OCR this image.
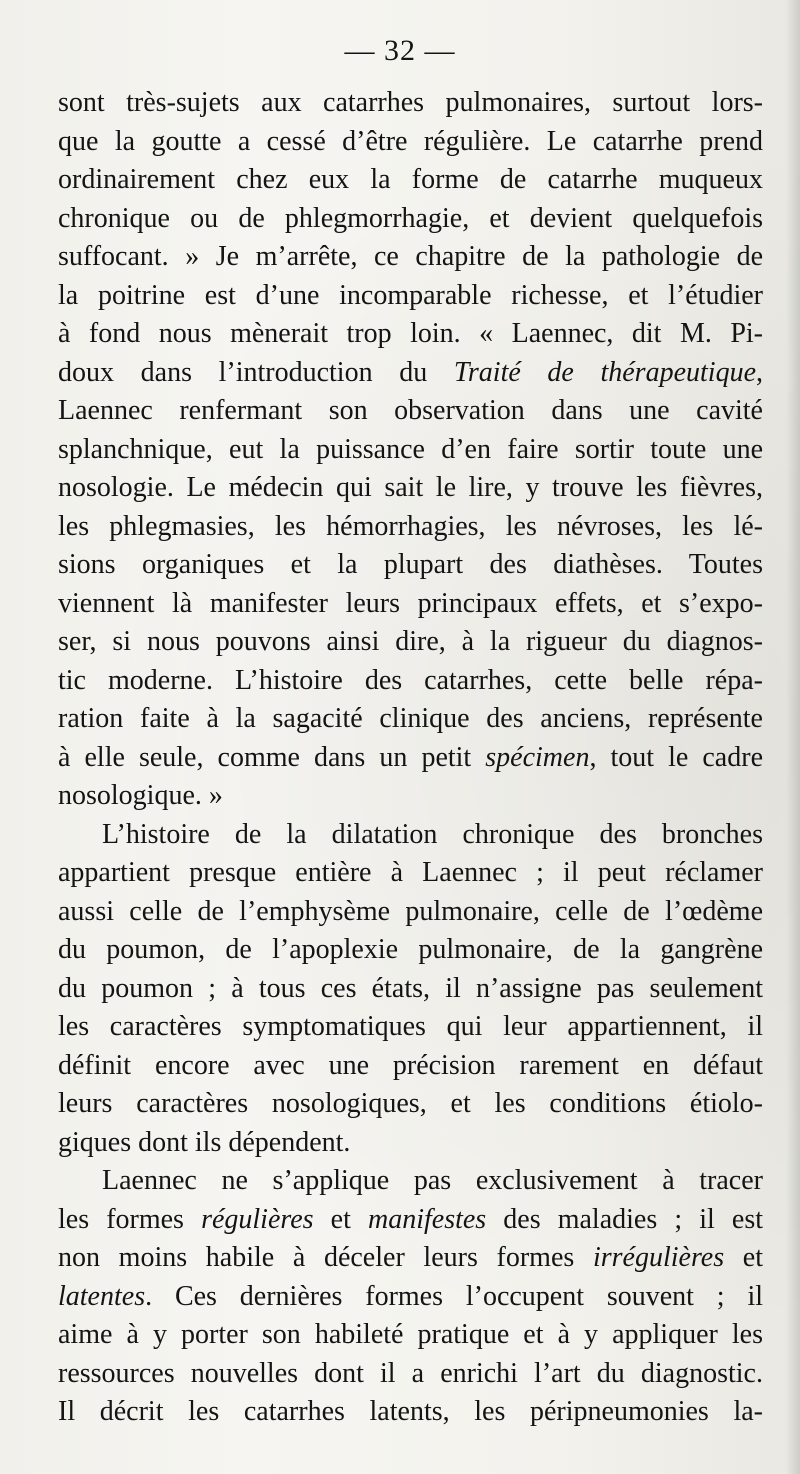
— 32 —
sont très-sujets aux catarrhes pulmonaires, surtout lors-
que la goutte a cessé d’être régulière. Le catarrhe prend
ordinairement chez eux la forme de catarrhe muqueux
chronique ou de phlegmorrhagie, et devient quelquefois
suffocant. » Je m’arrête, ce chapitre de la pathologie de
la poitrine est d’une incomparable richesse, et l’étudier
à fond nous mènerait trop loin. « Laennec, dit M. Pi-
doux dans l’introduction du Traité de thérapeutique,
Laennec renfermant son observation dans une cavité
splanchnique, eut la puissance d’en faire sortir toute une
nosologie. Le médecin qui sait le lire, y trouve les fièvres,
les phlegmasies, les hémorrhagies, les névroses, les lé-
sions organiques et la plupart des diathèses. Toutes
viennent là manifester leurs principaux effets, et s’expo-
ser, si nous pouvons ainsi dire, à la rigueur du diagnos-
tic moderne. L’histoire des catarrhes, cette belle répa-
ration faite à la sagacité clinique des anciens, représente
à elle seule, comme dans un petit spécimen, tout le cadre
nosologique. »
L’histoire de la dilatation chronique des bronches
appartient presque entière à Laennec ; il peut réclamer
aussi celle de l’emphysème pulmonaire, celle de l’œdème
du poumon, de l’apoplexie pulmonaire, de la gangrène
du poumon ; à tous ces états, il n’assigne pas seulement
les caractères symptomatiques qui leur appartiennent, il
définit encore avec une précision rarement en défaut
leurs caractères nosologiques, et les conditions étiolo-
giques dont ils dépendent.
Laennec ne s’applique pas exclusivement à tracer
les formes régulières et manifestes des maladies ; il est
non moins habile à déceler leurs formes irrégulières et
latentes. Ces dernières formes l’occupent souvent ; il
aime à y porter son habileté pratique et à y appliquer les
ressources nouvelles dont il a enrichi l’art du diagnostic.
Il décrit les catarrhes latents, les péripneumonies la-
